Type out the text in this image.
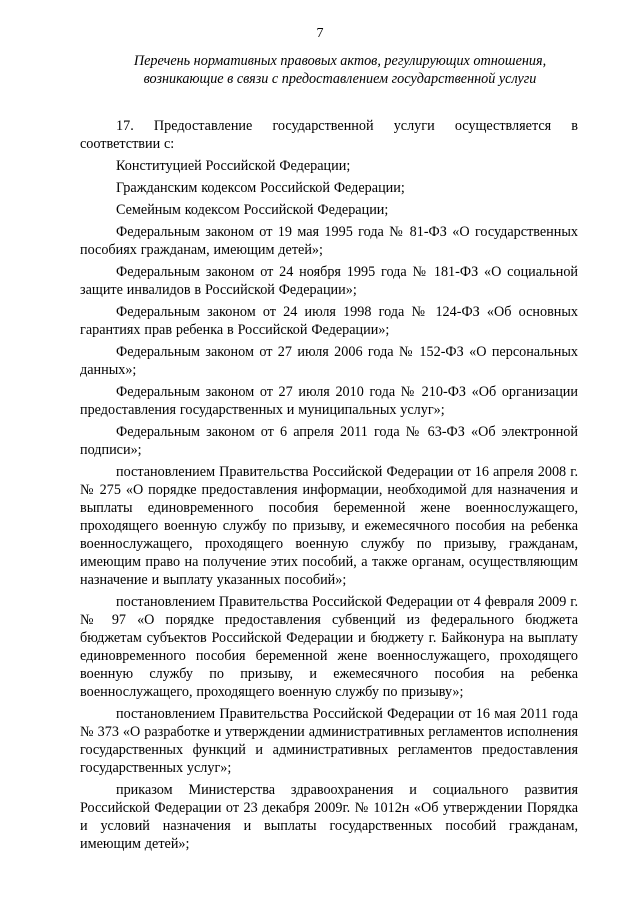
7
Перечень нормативных правовых актов, регулирующих отношения,
возникающие в связи с предоставлением государственной услуги

17. Предоставление государственной услуги осуществляется в соответствии с:

Конституцией Российской Федерации;

Гражданским кодексом Российской Федерации;

Семейным кодексом Российской Федерации;

Федеральным законом от 19 мая 1995 года № 81-ФЗ «О государственных пособиях гражданам, имеющим детей»;

Федеральным законом от 24 ноября 1995 года № 181-ФЗ «О социальной защите инвалидов в Российской Федерации»;

Федеральным законом от 24 июля 1998 года № 124-ФЗ «Об основных гарантиях прав ребенка в Российской Федерации»;

Федеральным законом от 27 июля 2006 года № 152-ФЗ «О персональных данных»;

Федеральным законом от 27 июля 2010 года № 210-ФЗ «Об организации предоставления государственных и муниципальных услуг»;

Федеральным законом от 6 апреля 2011 года № 63-ФЗ «Об электронной подписи»;

постановлением Правительства Российской Федерации от 16 апреля 2008 г. № 275 «О порядке предоставления информации, необходимой для назначения и выплаты единовременного пособия беременной жене военнослужащего, проходящего военную службу по призыву, и ежемесячного пособия на ребенка военнослужащего, проходящего военную службу по призыву, гражданам, имеющим право на получение этих пособий, а также органам, осуществляющим назначение и выплату указанных пособий»;

постановлением Правительства Российской Федерации от 4 февраля 2009 г. № 97 «О порядке предоставления субвенций из федерального бюджета бюджетам субъектов Российской Федерации и бюджету г. Байконура на выплату единовременного пособия беременной жене военнослужащего, проходящего военную службу по призыву, и ежемесячного пособия на ребенка военнослужащего, проходящего военную службу по призыву»;

постановлением Правительства Российской Федерации от 16 мая 2011 года № 373 «О разработке и утверждении административных регламентов исполнения государственных функций и административных регламентов предоставления государственных услуг»;

приказом Министерства здравоохранения и социального развития Российской Федерации от 23 декабря 2009г. № 1012н «Об утверждении Порядка и условий назначения и выплаты государственных пособий гражданам, имеющим детей»;
